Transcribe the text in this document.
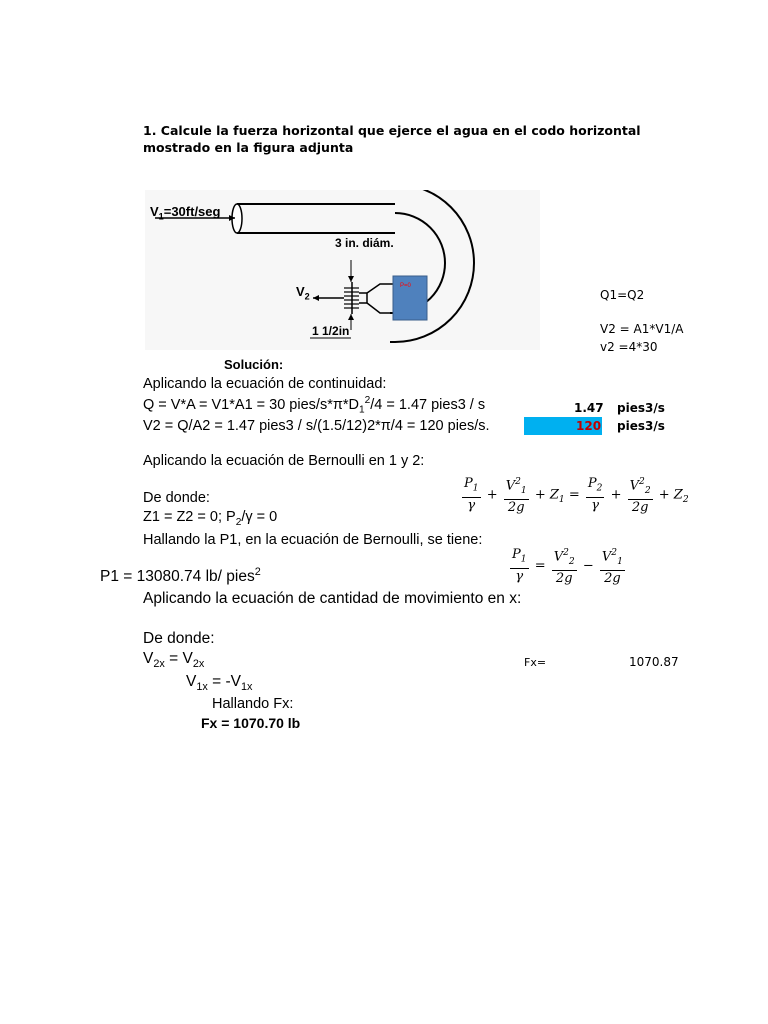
1. Calcule la fuerza horizontal que ejerce el agua en el codo horizontal
mostrado en la figura adjunta
$V_1=30ft$/seg
3 in. diám.
$V_2$
1 1/2in
P=0
Q1=Q2
V2 = A1*V1/A
v2 =4*30
1.47 pies3/s
120 pies3/s
Fx=	1070.87
Solución:
Aplicando la ecuación de continuidad:
Q = V*A = V1*A1 = 30 pies/$s*\pi*D_1^2/4 = 1.47$ pies3 / s
V2 = Q/A2 = 1.47 pies3 / s/(1.5/12)2*π/4 = 120 pies/s.
Aplicando la ecuación de Bernoulli en 1 y 2:
De donde:
Z1 = Z2 = 0; $P_2/\gamma = 0$
Hallando la P1, en la ecuación de Bernoulli, se tiene:
$\frac{P_1}{\gamma} + \frac{V^2_1}{2g} + Z_1 = \frac{P_2}{\gamma} + \frac{V^2_2}{2g} + Z_2$
$\frac{P_1}{\gamma} = \frac{V^2_2}{2g} - \frac{V^2_1}{2g}$
P1 = 13080.74 lb/ pies$^2$
Aplicando la ecuación de cantidad de movimiento en x:
De donde:
$V_{2x} = V_{2x}$
$V_{1x} = -V_{1x}$
Hallando Fx:
Fx = 1070.70 lb
